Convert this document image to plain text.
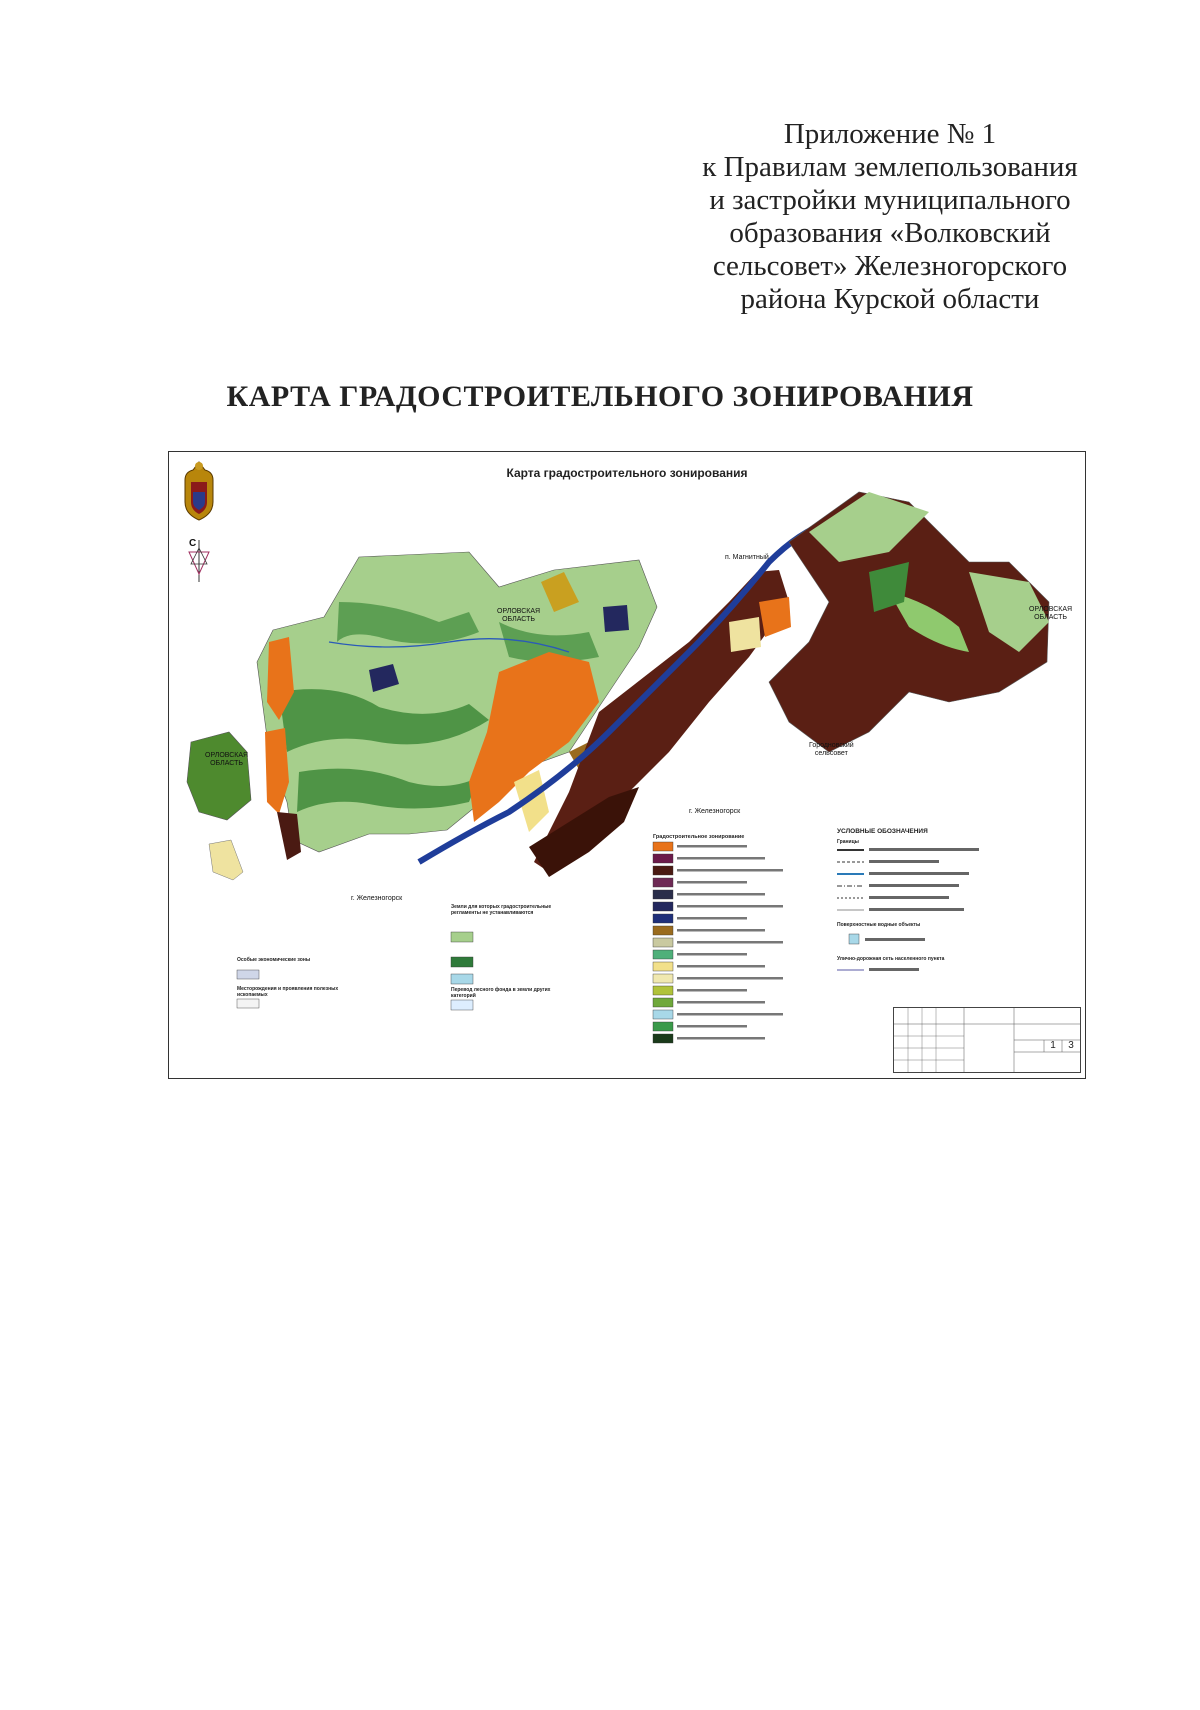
Приложение № 1
к Правилам землепользования
и застройки муниципального
образования «Волковский
сельсовет» Железногорского
района Курской области
КАРТА ГРАДОСТРОИТЕЛЬНОГО ЗОНИРОВАНИЯ
Карта градостроительного зонирования
С
п. Магнитный
ОРЛОВСКАЯ
ОБЛАСТЬ
ОРЛОВСКАЯ
ОБЛАСТЬ
ОРЛОВСКАЯ
ОБЛАСТЬ
Городновский
сельсовет
г. Железногорск
г. Железногорск
Градостроительное зонирование
УСЛОВНЫЕ ОБОЗНАЧЕНИЯ
Границы
Поверхностные водные объекты
Улично-дорожная сеть населенного пункта
Особые экономические зоны
Месторождения и проявления полезных ископаемых
Земли для которых градостроительные регламенты не устанавливаются
Перевод лесного фонда в земли других категорий
1	3
